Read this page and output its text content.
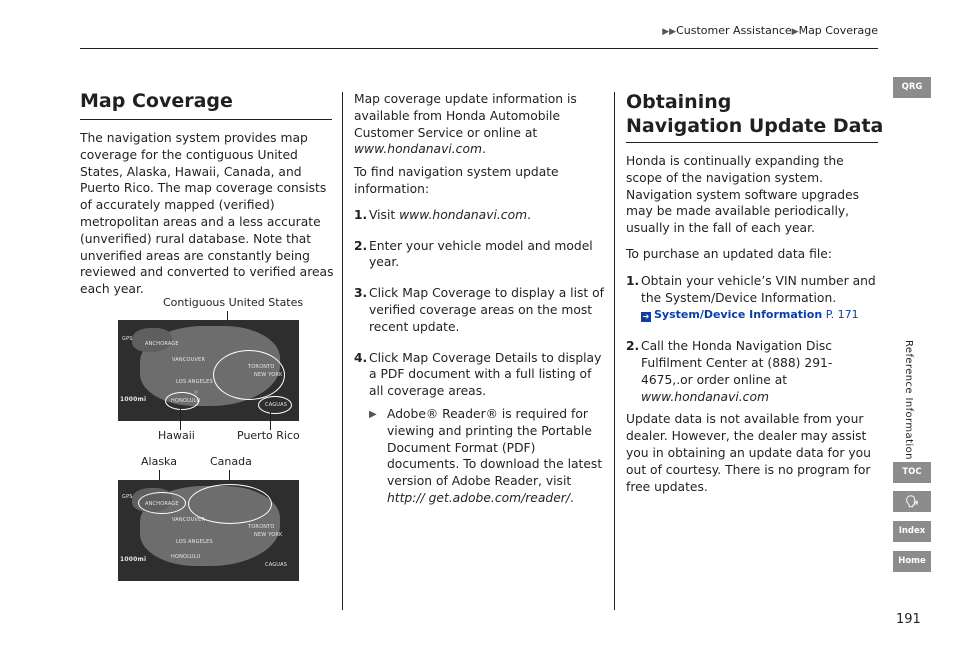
▶▶Customer Assistance▶Map Coverage
Map Coverage
The navigation system provides map coverage for the contiguous United States, Alaska, Hawaii, Canada, and Puerto Rico. The map coverage consists of accurately mapped (verified) metropolitan areas and a less accurate (unverified) rural database. Note that unverified areas are constantly being reviewed and converted to verified areas each year.
Contiguous United States
GPS
ANCHORAGE
VANCOUVER
TORONTO
NEW YORK
LOS ANGELES
HONOLULU
CAGUAS
1000mi
Hawaii	Puerto Rico
Alaska	Canada
GPS
ANCHORAGE
VANCOUVER
TORONTO
NEW YORK
LOS ANGELES
HONOLULU
CAGUAS
1000mi

Map coverage update information is available from Honda Automobile Customer Service or online at www.hondanavi.com.

To find navigation system update information:

1. Visit www.hondanavi.com.
2. Enter your vehicle model and model year.
3. Click Map Coverage to display a list of verified coverage areas on the most recent update.
4. Click Map Coverage Details to display a PDF document with a full listing of all coverage areas.
▶ Adobe® Reader® is required for viewing and printing the Portable Document Format (PDF) documents. To download the latest version of Adobe Reader, visit http:// get.adobe.com/reader/.
Obtaining
Navigation Update Data

Honda is continually expanding the scope of the navigation system. Navigation system software upgrades may be made available periodically, usually in the fall of each year.

To purchase an updated data file:

1. Obtain your vehicle’s VIN number and the System/Device Information.
➔ System/Device Information P. 171
2. Call the Honda Navigation Disc Fulfilment Center at (888) 291-4675,.or order online at www.hondanavi.com

Update data is not available from your dealer. However, the dealer may assist you in obtaining an update data for you out of courtesy. There is no program for free updates.

QRG
Reference Information
TOC
🗣
Index
Home
191
